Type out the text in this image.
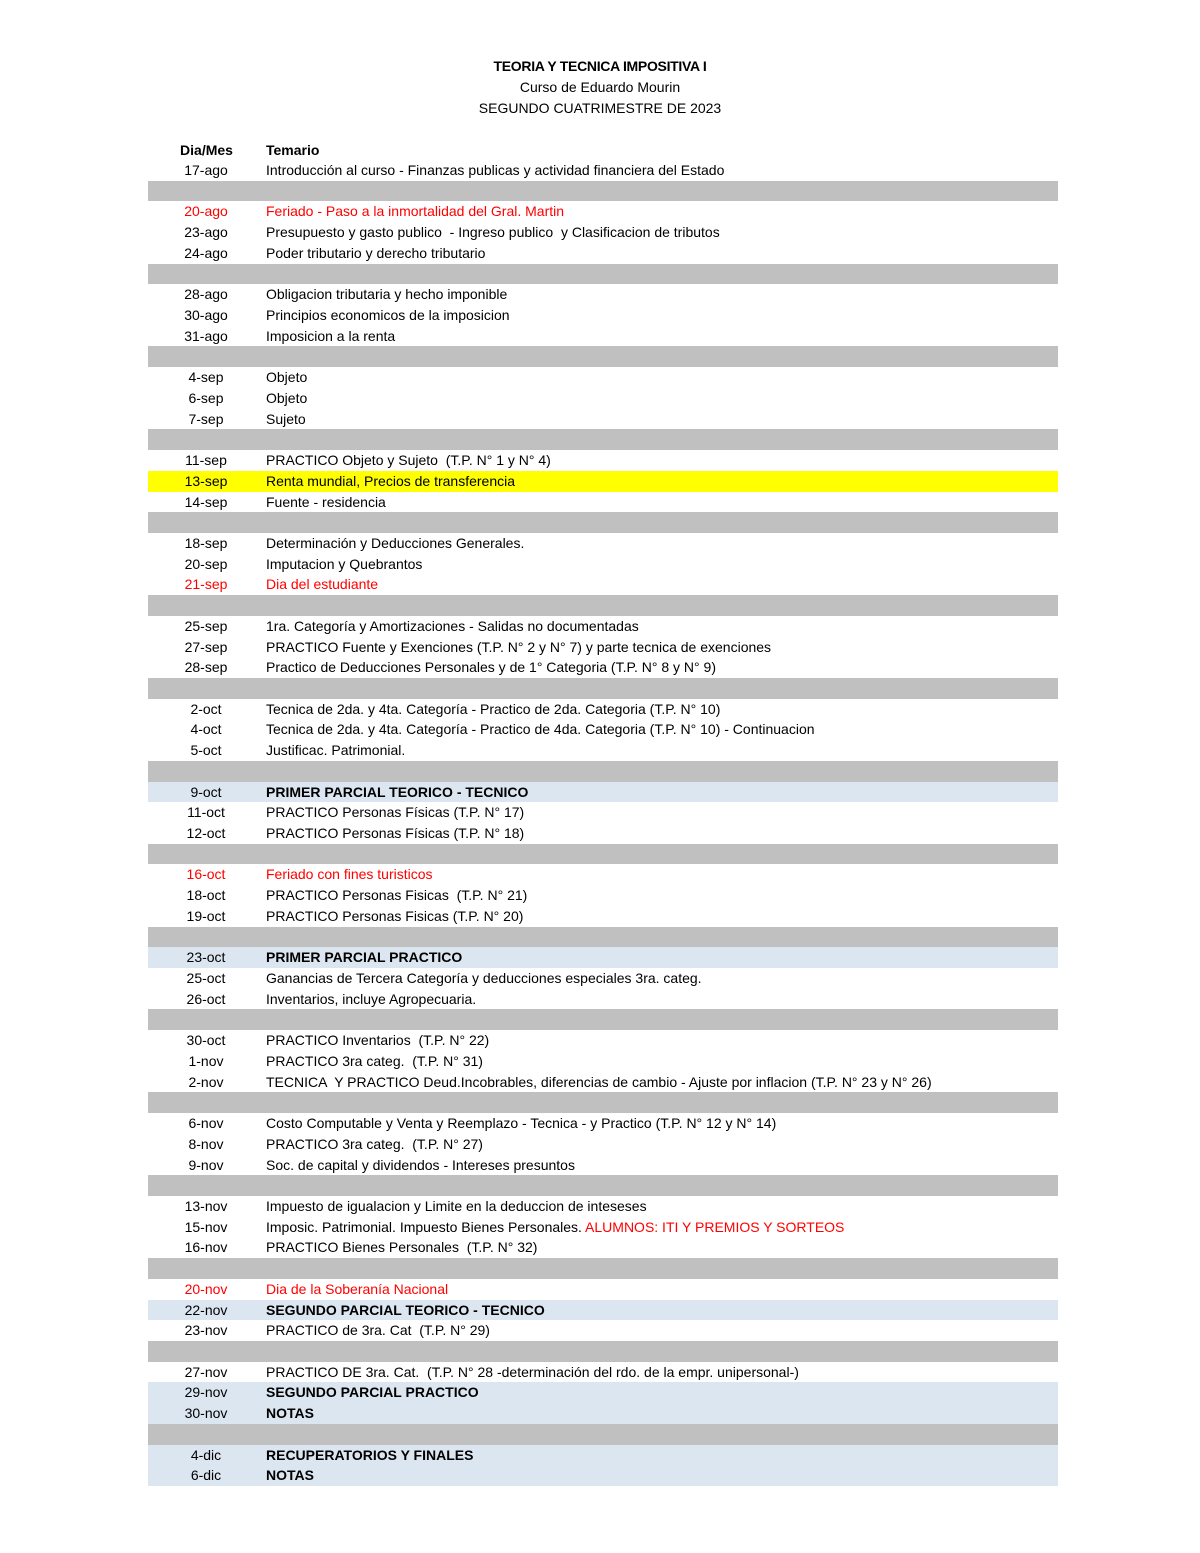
TEORIA Y TECNICA IMPOSITIVA I
Curso de Eduardo Mourin
SEGUNDO CUATRIMESTRE DE 2023
Dia/Mes	Temario
17-ago	Introducción al curso - Finanzas publicas y actividad financiera del Estado
20-ago	Feriado - Paso a la inmortalidad del Gral. Martin
23-ago	Presupuesto y gasto publico  - Ingreso publico  y Clasificacion de tributos
24-ago	Poder tributario y derecho tributario
28-ago	Obligacion tributaria y hecho imponible
30-ago	Principios economicos de la imposicion
31-ago	Imposicion a la renta
4-sep	Objeto
6-sep	Objeto
7-sep	Sujeto
11-sep	PRACTICO Objeto y Sujeto  (T.P. N° 1 y N° 4)
13-sep	Renta mundial, Precios de transferencia
14-sep	Fuente - residencia
18-sep	Determinación y Deducciones Generales.
20-sep	Imputacion y Quebrantos
21-sep	Dia del estudiante
25-sep	1ra. Categoría y Amortizaciones - Salidas no documentadas
27-sep	PRACTICO Fuente y Exenciones (T.P. N° 2 y N° 7) y parte tecnica de exenciones
28-sep	Practico de Deducciones Personales y de 1° Categoria (T.P. N° 8 y N° 9)
2-oct	Tecnica de 2da. y 4ta. Categoría - Practico de 2da. Categoria (T.P. N° 10)
4-oct	Tecnica de 2da. y 4ta. Categoría - Practico de 4da. Categoria (T.P. N° 10) - Continuacion
5-oct	Justificac. Patrimonial.
9-oct	PRIMER PARCIAL TEORICO - TECNICO
11-oct	PRACTICO Personas Físicas (T.P. N° 17)
12-oct	PRACTICO Personas Físicas (T.P. N° 18)
16-oct	Feriado con fines turisticos
18-oct	PRACTICO Personas Fisicas  (T.P. N° 21)
19-oct	PRACTICO Personas Fisicas (T.P. N° 20)
23-oct	PRIMER PARCIAL PRACTICO
25-oct	Ganancias de Tercera Categoría y deducciones especiales 3ra. categ.
26-oct	Inventarios, incluye Agropecuaria.
30-oct	PRACTICO Inventarios  (T.P. N° 22)
1-nov	PRACTICO 3ra categ.  (T.P. N° 31)
2-nov	TECNICA  Y PRACTICO Deud.Incobrables, diferencias de cambio - Ajuste por inflacion (T.P. N° 23 y N° 26)
6-nov	Costo Computable y Venta y Reemplazo - Tecnica - y Practico (T.P. N° 12 y N° 14)
8-nov	PRACTICO 3ra categ.  (T.P. N° 27)
9-nov	Soc. de capital y dividendos - Intereses presuntos
13-nov	Impuesto de igualacion y Limite en la deduccion de inteseses
15-nov	Imposic. Patrimonial. Impuesto Bienes Personales. ALUMNOS: ITI Y PREMIOS Y SORTEOS
16-nov	PRACTICO Bienes Personales  (T.P. N° 32)
20-nov	Dia de la Soberanía Nacional
22-nov	SEGUNDO PARCIAL TEORICO - TECNICO
23-nov	PRACTICO de 3ra. Cat  (T.P. N° 29)
27-nov	PRACTICO DE 3ra. Cat.  (T.P. N° 28 -determinación del rdo. de la empr. unipersonal-)
29-nov	SEGUNDO PARCIAL PRACTICO
30-nov	NOTAS
4-dic	RECUPERATORIOS Y FINALES
6-dic	NOTAS
